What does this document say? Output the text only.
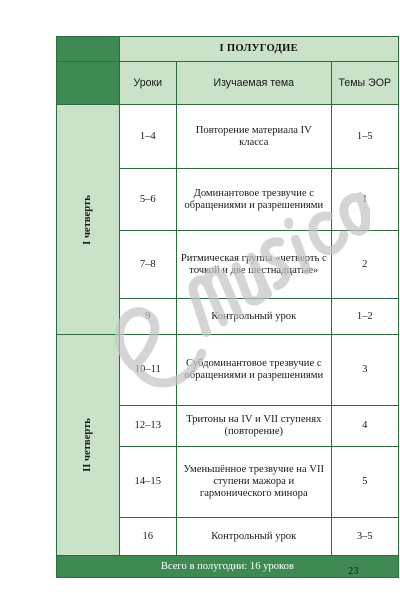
	I ПОЛУГОДИЕ		
	Уроки	Изучаемая тема	Темы ЭОР
I четверть	1–4	Повторение материала IV класса	1–5
	5–6	Доминантовое трезвучие с обращениями и разрешениями	1
	7–8	Ритмическая группа «четверть с точкой и две шестнадцатые»	2
	9	Контрольный урок	1–2
II четверть	10–11	Субдоминантовое трезвучие с обращениями и разрешениями	3
	12–13	Тритоны на IV и VII ступенях (повторение)	4
	14–15	Уменьшённое трезвучие на VII ступени мажора и гармонического минора	5
	16	Контрольный урок	3–5
Всего в полугодии: 16 уроков				23
